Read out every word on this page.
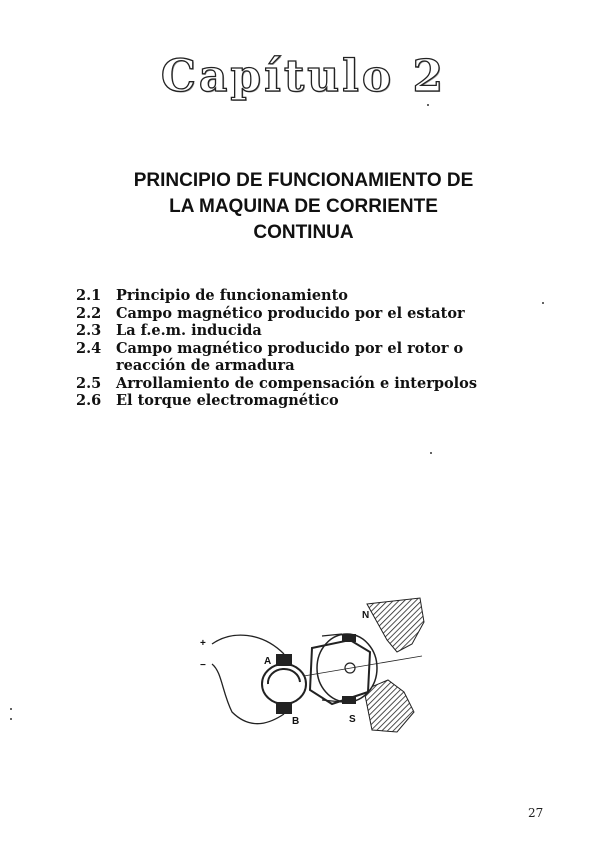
Capítulo 2
PRINCIPIO DE FUNCIONAMIENTO DE
LA MAQUINA DE CORRIENTE
CONTINUA
2.1	Principio de funcionamiento
2.2	Campo magnético producido por el estator
2.3	La f.e.m. inducida
2.4	Campo magnético producido por el rotor o reacción de armadura
2.5	Arrollamiento de compensación e interpolos
2.6	El torque electromagnético
N
S
A
B
+
−
27
